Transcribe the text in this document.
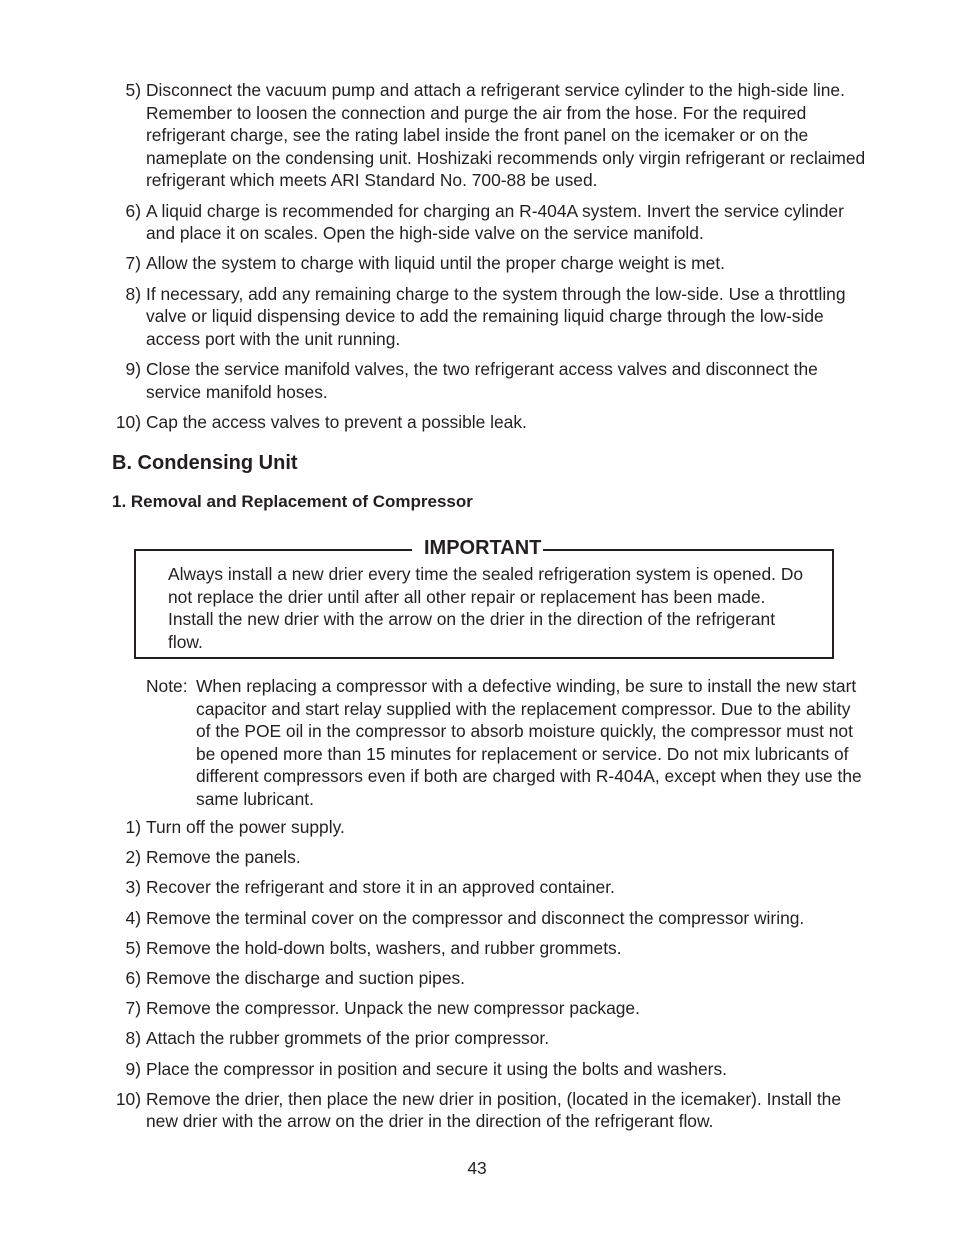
5) Disconnect the vacuum pump and attach a refrigerant service cylinder to the high-side line. Remember to loosen the connection and purge the air from the hose. For the required refrigerant charge, see the rating label inside the front panel on the icemaker or on the nameplate on the condensing unit. Hoshizaki recommends only virgin refrigerant or reclaimed refrigerant which meets ARI Standard No. 700-88 be used.
6) A liquid charge is recommended for charging an R-404A system. Invert the service cylinder and place it on scales. Open the high-side valve on the service manifold.
7) Allow the system to charge with liquid until the proper charge weight is met.
8) If necessary, add any remaining charge to the system through the low-side. Use a throttling valve or liquid dispensing device to add the remaining liquid charge through the low-side access port with the unit running.
9) Close the service manifold valves, the two refrigerant access valves and disconnect the service manifold hoses.
10) Cap the access valves to prevent a possible leak.
B. Condensing Unit
1. Removal and Replacement of Compressor
IMPORTANT

Always install a new drier every time the sealed refrigeration system is opened. Do not replace the drier until after all other repair or replacement has been made. Install the new drier with the arrow on the drier in the direction of the refrigerant flow.

Note: When replacing a compressor with a defective winding, be sure to install the new start capacitor and start relay supplied with the replacement compressor. Due to the ability of the POE oil in the compressor to absorb moisture quickly, the compressor must not be opened more than 15 minutes for replacement or service. Do not mix lubricants of different compressors even if both are charged with R-404A, except when they use the same lubricant.

1) Turn off the power supply.
2) Remove the panels.
3) Recover the refrigerant and store it in an approved container.
4) Remove the terminal cover on the compressor and disconnect the compressor wiring.
5) Remove the hold-down bolts, washers, and rubber grommets.
6) Remove the discharge and suction pipes.
7) Remove the compressor. Unpack the new compressor package.
8) Attach the rubber grommets of the prior compressor.
9) Place the compressor in position and secure it using the bolts and washers.
10) Remove the drier, then place the new drier in position, (located in the icemaker). Install the new drier with the arrow on the drier in the direction of the refrigerant flow.
43
